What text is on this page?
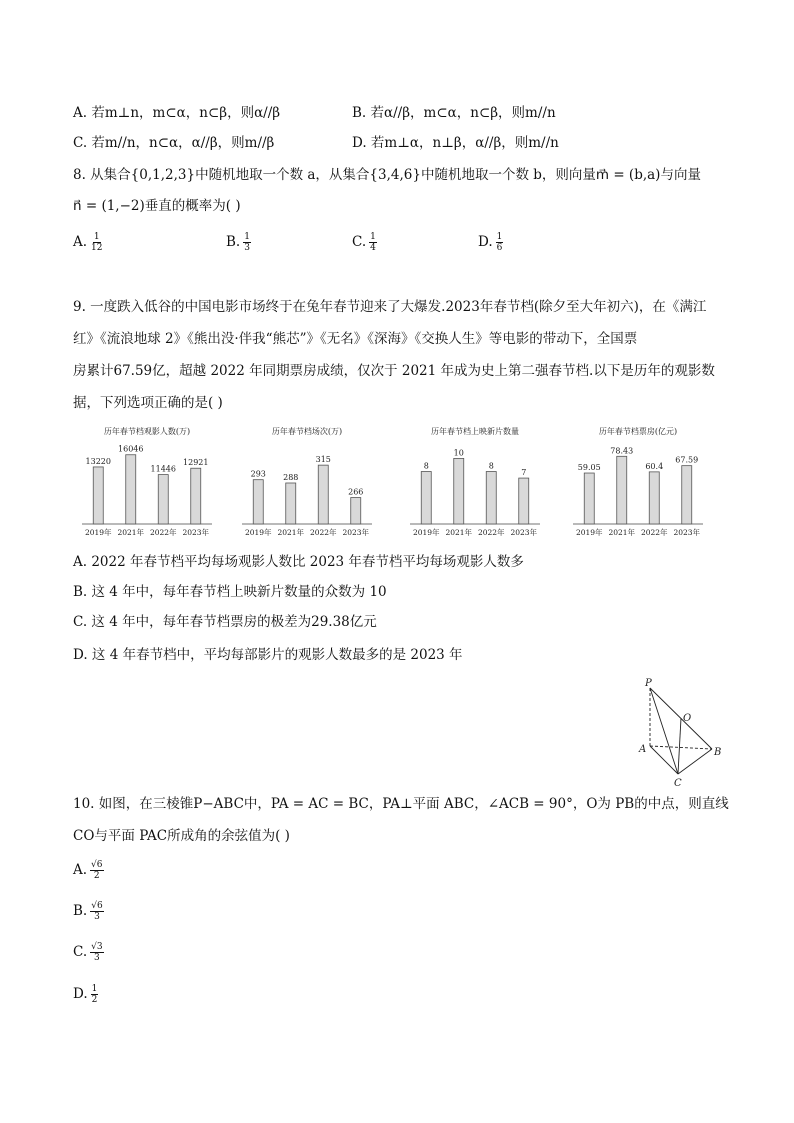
A. 若m⊥n，m⊂α，n⊂β，则α//β	B. 若α//β，m⊂α，n⊂β，则m//n
C. 若m//n，n⊂α，α//β，则m//β	D. 若m⊥α，n⊥β，α//β，则m//n
8. 从集合{0,1,2,3}中随机地取一个数 a，从集合{3,4,6}中随机地取一个数 b，则向量m⃗ = (b,a)与向量
n⃗ = (1,−2)垂直的概率为( )
A. $\frac{1}{12}$	B. $\frac{1}{3}$	C. $\frac{1}{4}$	D. $\frac{1}{6}$
9. 一度跌入低谷的中国电影市场终于在兔年春节迎来了大爆发.2023年春节档(除夕至大年初六)，在《满江
红》《流浪地球 2》《熊出没·伴我“熊芯”》《无名》《深海》《交换人生》等电影的带动下，全国票
房累计67.59亿，超越 2022 年同期票房成绩，仅次于 2021 年成为史上第二强春节档.以下是历年的观影数
据，下列选项正确的是( )
历年春节档观影人数(万)
13220
2019年
16046
2021年
11446
2022年
12921
2023年
历年春节档场次(万)
293
2019年
288
2021年
315
2022年
266
2023年
历年春节档上映新片数量
8
2019年
10
2021年
8
2022年
7
2023年
历年春节档票房(亿元)
59.05
2019年
78.43
2021年
60.4
2022年
67.59
2023年
A. 2022 年春节档平均每场观影人数比 2023 年春节档平均每场观影人数多
B. 这 4 年中，每年春节档上映新片数量的众数为 10
C. 这 4 年中，每年春节档票房的极差为29.38亿元
D. 这 4 年春节档中，平均每部影片的观影人数最多的是 2023 年
P
O
A	B
C
10. 如图，在三棱锥P−ABC中，PA = AC = BC，PA⊥平面 ABC，∠ACB = 90°，O为 PB的中点，则直线
CO与平面 PAC所成角的余弦值为( )
A. $\frac{√6}{2}$
B. $\frac{√6}{3}$
C. $\frac{√3}{3}$
D. $\frac{1}{2}$
